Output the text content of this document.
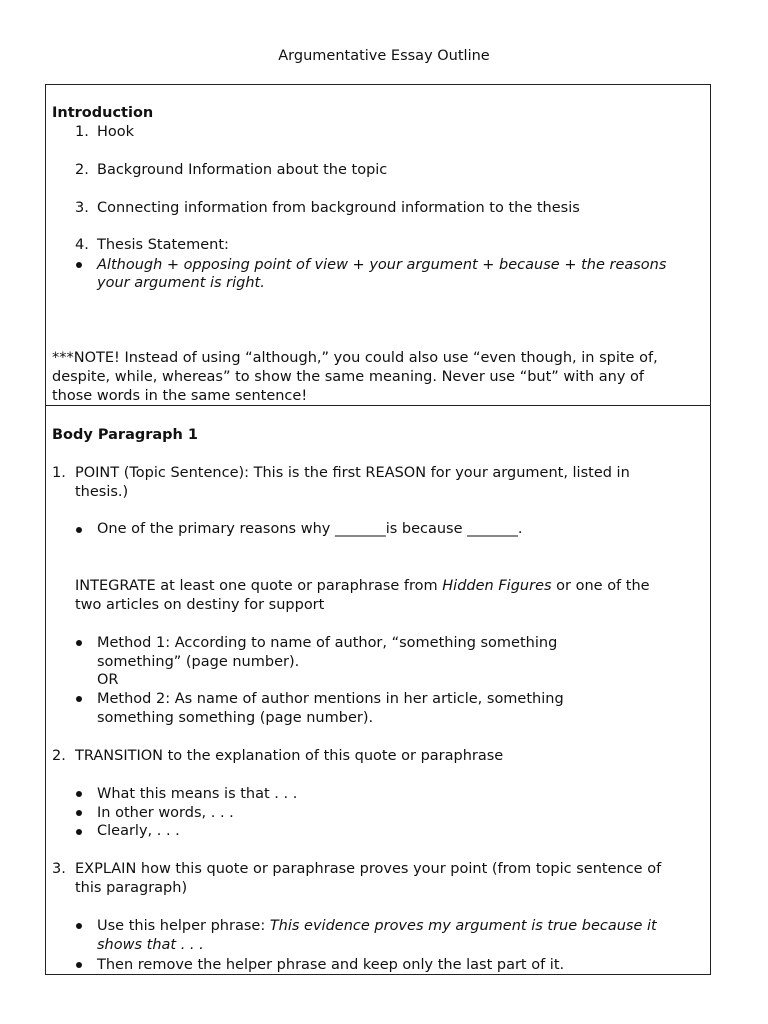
Argumentative Essay Outline
Introduction
1. Hook
2. Background Information about the topic
3. Connecting information from background information to the thesis
4. Thesis Statement:
Although + opposing point of view + your argument + because + the reasons
your argument is right.
***NOTE! Instead of using “although,” you could also use “even though, in spite of,
despite, while, whereas” to show the same meaning. Never use “but” with any of
those words in the same sentence!
Body Paragraph 1
1. POINT (Topic Sentence): This is the first REASON for your argument, listed in
thesis.)
One of the primary reasons why _______is because _______.
INTEGRATE at least one quote or paraphrase from Hidden Figures or one of the
two articles on destiny for support
Method 1: According to name of author, “something something
something” (page number).
OR
Method 2: As name of author mentions in her article, something
something something (page number).
2. TRANSITION to the explanation of this quote or paraphrase
What this means is that . . .
In other words, . . .
Clearly, . . .
3. EXPLAIN how this quote or paraphrase proves your point (from topic sentence of
this paragraph)
Use this helper phrase: This evidence proves my argument is true because it
shows that . . .
Then remove the helper phrase and keep only the last part of it.
